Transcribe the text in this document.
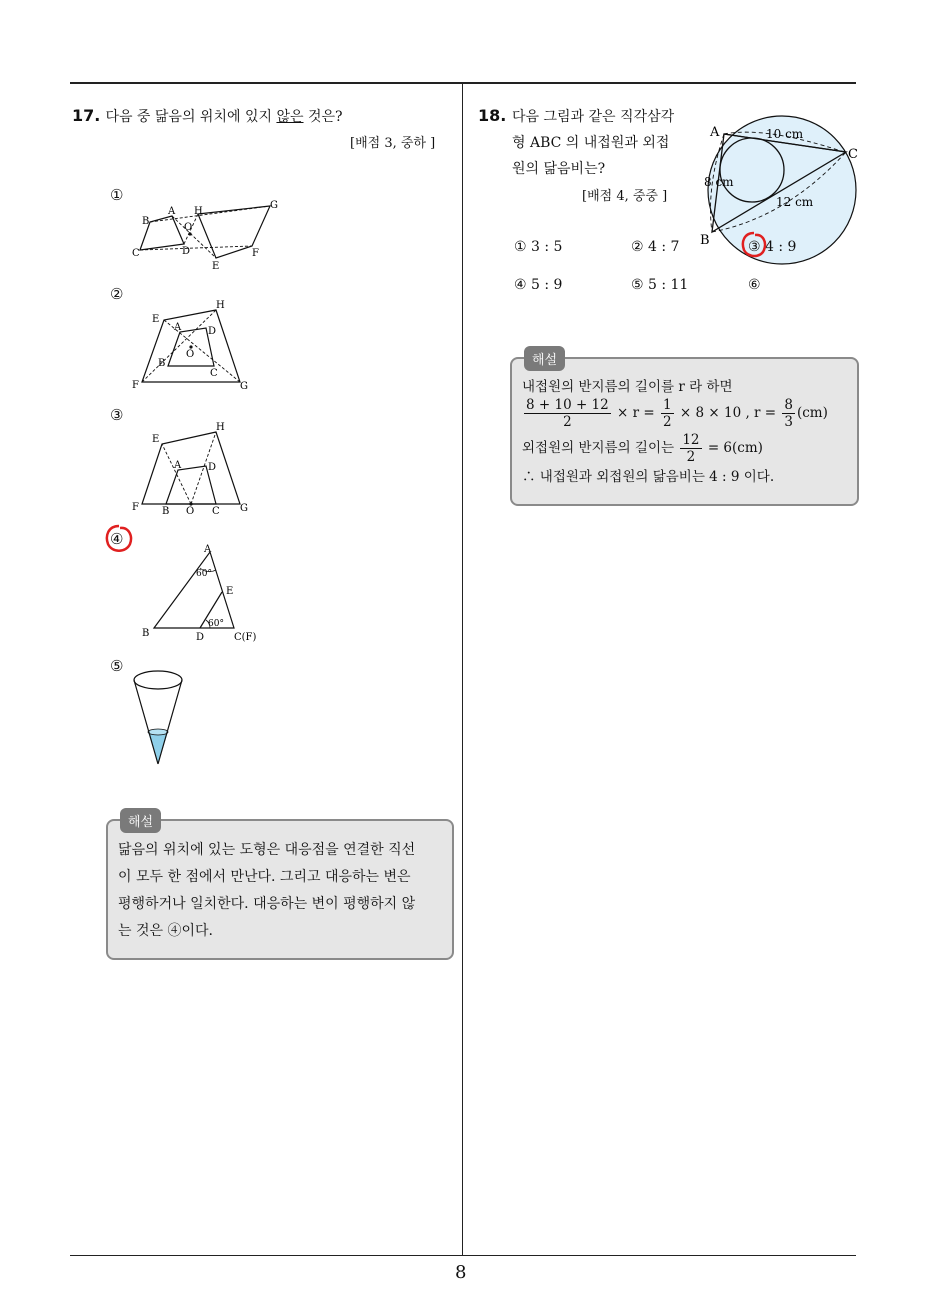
8
17. 다음 중 닮음의 위치에 있지 않은 것은?
[배점 3, 중하 ]
①
②
③
④
⑤
B
A
C	D
H
O
E
F
G
E
H
A	D
O
B
C
F	G
E
H
A	D
F B O C G
A
60°
E
60°
B	D	C(F)
해설
닮음의 위치에 있는 도형은 대응점을 연결한 직선
이 모두 한 점에서 만난다. 그리고 대응하는 변은
평행하거나 일치한다. 대응하는 변이 평행하지 않
는 것은 ④이다.
18. 다음 그림과 같은 직각삼각
형 ABC 의 내접원과 외접
원의 닮음비는?
[배점 4, 중중 ]
A
C
B
10 cm
8 cm
12 cm
① 3 : 5	② 4 : 7	③ 4 : 9
④ 5 : 9	⑤ 5 : 11	⑥
해설
내접원의 반지름의 길이를 r 라 하면
$\frac{8 + 10 + 12}{2} \times r = \frac{1}{2} \times 8 \times 10$ , $r = \frac{8}{3} (cm)$
외접원의 반지름의 길이는 $\frac{12}{2} = 6(cm)$
∴ 내접원과 외접원의 닮음비는 4 : 9 이다.
